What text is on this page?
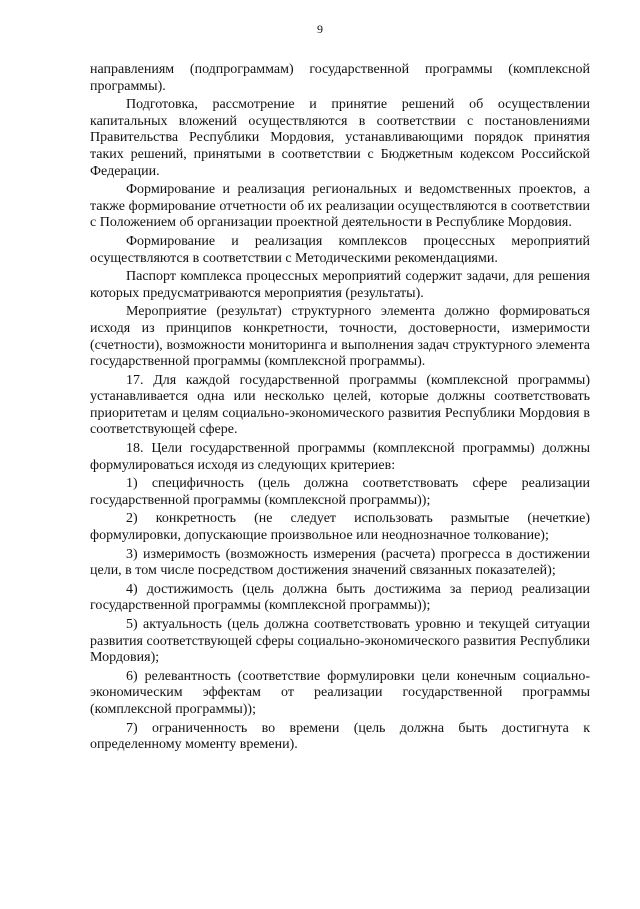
9

направлениям (подпрограммам) государственной программы (комплексной программы).

Подготовка, рассмотрение и принятие решений об осуществлении капитальных вложений осуществляются в соответствии с постановлениями Правительства Республики Мордовия, устанавливающими порядок принятия таких решений, принятыми в соответствии с Бюджетным кодексом Российской Федерации.

Формирование и реализация региональных и ведомственных проектов, а также формирование отчетности об их реализации осуществляются в соответствии с Положением об организации проектной деятельности в Республике Мордовия.

Формирование и реализация комплексов процессных мероприятий осуществляются в соответствии с Методическими рекомендациями.

Паспорт комплекса процессных мероприятий содержит задачи, для решения которых предусматриваются мероприятия (результаты).

Мероприятие (результат) структурного элемента должно формироваться исходя из принципов конкретности, точности, достоверности, измеримости (счетности), возможности мониторинга и выполнения задач структурного элемента государственной программы (комплексной программы).

17. Для каждой государственной программы (комплексной программы) устанавливается одна или несколько целей, которые должны соответствовать приоритетам и целям социально-экономического развития Республики Мордовия в соответствующей сфере.

18. Цели государственной программы (комплексной программы) должны формулироваться исходя из следующих критериев:

1) специфичность (цель должна соответствовать сфере реализации государственной программы (комплексной программы));

2) конкретность (не следует использовать размытые (нечеткие) формулировки, допускающие произвольное или неоднозначное толкование);

3) измеримость (возможность измерения (расчета) прогресса в достижении цели, в том числе посредством достижения значений связанных показателей);

4) достижимость (цель должна быть достижима за период реализации государственной программы (комплексной программы));

5) актуальность (цель должна соответствовать уровню и текущей ситуации развития соответствующей сферы социально-экономического развития Республики Мордовия);

6) релевантность (соответствие формулировки цели конечным социально-экономическим эффектам от реализации государственной программы (комплексной программы));

7) ограниченность во времени (цель должна быть достигнута к определенному моменту времени).
